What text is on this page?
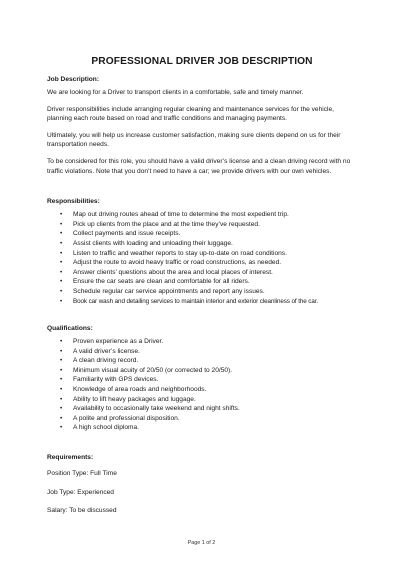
PROFESSIONAL DRIVER JOB DESCRIPTION
Job Description:

We are looking for a Driver to transport clients in a comfortable, safe and timely manner.

Driver responsibilities include arranging regular cleaning and maintenance services for the vehicle, planning each route based on road and traffic conditions and managing payments.

Ultimately, you will help us increase customer satisfaction, making sure clients depend on us for their transportation needs.

To be considered for this role, you should have a valid driver’s license and a clean driving record with no traffic violations. Note that you don’t need to have a car; we provide drivers with our own vehicles.

Responsibilities:
• Map out driving routes ahead of time to determine the most expedient trip.
• Pick up clients from the place and at the time they’ve requested.
• Collect payments and issue receipts.
• Assist clients with loading and unloading their luggage.
• Listen to traffic and weather reports to stay up-to-date on road conditions.
• Adjust the route to avoid heavy traffic or road constructions, as needed.
• Answer clients’ questions about the area and local places of interest.
• Ensure the car seats are clean and comfortable for all riders.
• Schedule regular car service appointments and report any issues.
• Book car wash and detailing services to maintain interior and exterior cleanliness of the car.
Qualifications:
• Proven experience as a Driver.
• A valid driver’s license.
• A clean driving record.
• Minimum visual acuity of 20/50 (or corrected to 20/50).
• Familiarity with GPS devices.
• Knowledge of area roads and neighborhoods.
• Ability to lift heavy packages and luggage.
• Availability to occasionally take weekend and night shifts.
• A polite and professional disposition.
• A high school diploma.
Requirements:
Position Type: Full Time
Job Type: Experienced
Salary: To be discussed
Page 1 of 2
